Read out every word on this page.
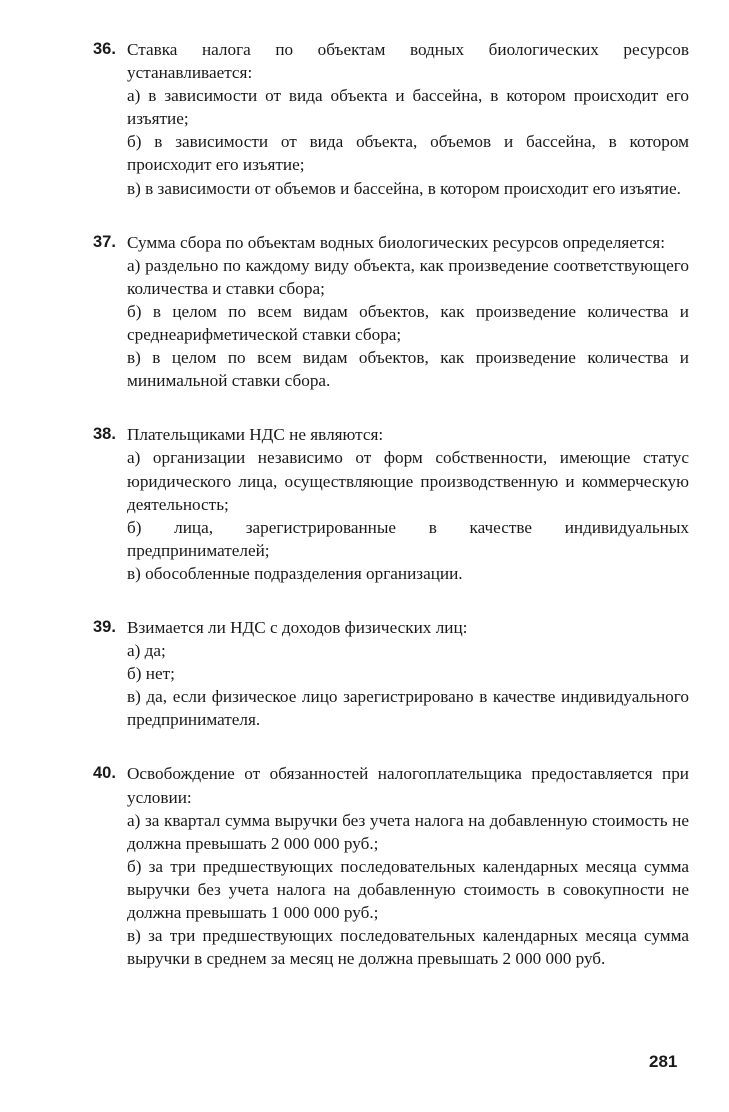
36. Ставка налога по объектам водных биологических ресурсов устанавливается:
а) в зависимости от вида объекта и бассейна, в котором происходит его изъятие;
б) в зависимости от вида объекта, объемов и бассейна, в котором происходит его изъятие;
в) в зависимости от объемов и бассейна, в котором происходит его изъятие.
37. Сумма сбора по объектам водных биологических ресурсов определяется:
а) раздельно по каждому виду объекта, как произведение соответствующего количества и ставки сбора;
б) в целом по всем видам объектов, как произведение количества и среднеарифметической ставки сбора;
в) в целом по всем видам объектов, как произведение количества и минимальной ставки сбора.
38. Плательщиками НДС не являются:
а) организации независимо от форм собственности, имеющие статус юридического лица, осуществляющие производственную и коммерческую деятельность;
б) лица, зарегистрированные в качестве индивидуальных предпринимателей;
в) обособленные подразделения организации.
39. Взимается ли НДС с доходов физических лиц:
а) да;
б) нет;
в) да, если физическое лицо зарегистрировано в качестве индивидуального предпринимателя.
40. Освобождение от обязанностей налогоплательщика предоставляется при условии:
а) за квартал сумма выручки без учета налога на добавленную стоимость не должна превышать 2 000 000 руб.;
б) за три предшествующих последовательных календарных месяца сумма выручки без учета налога на добавленную стоимость в совокупности не должна превышать 1 000 000 руб.;
в) за три предшествующих последовательных календарных месяца сумма выручки в среднем за месяц не должна превышать 2 000 000 руб.
281
